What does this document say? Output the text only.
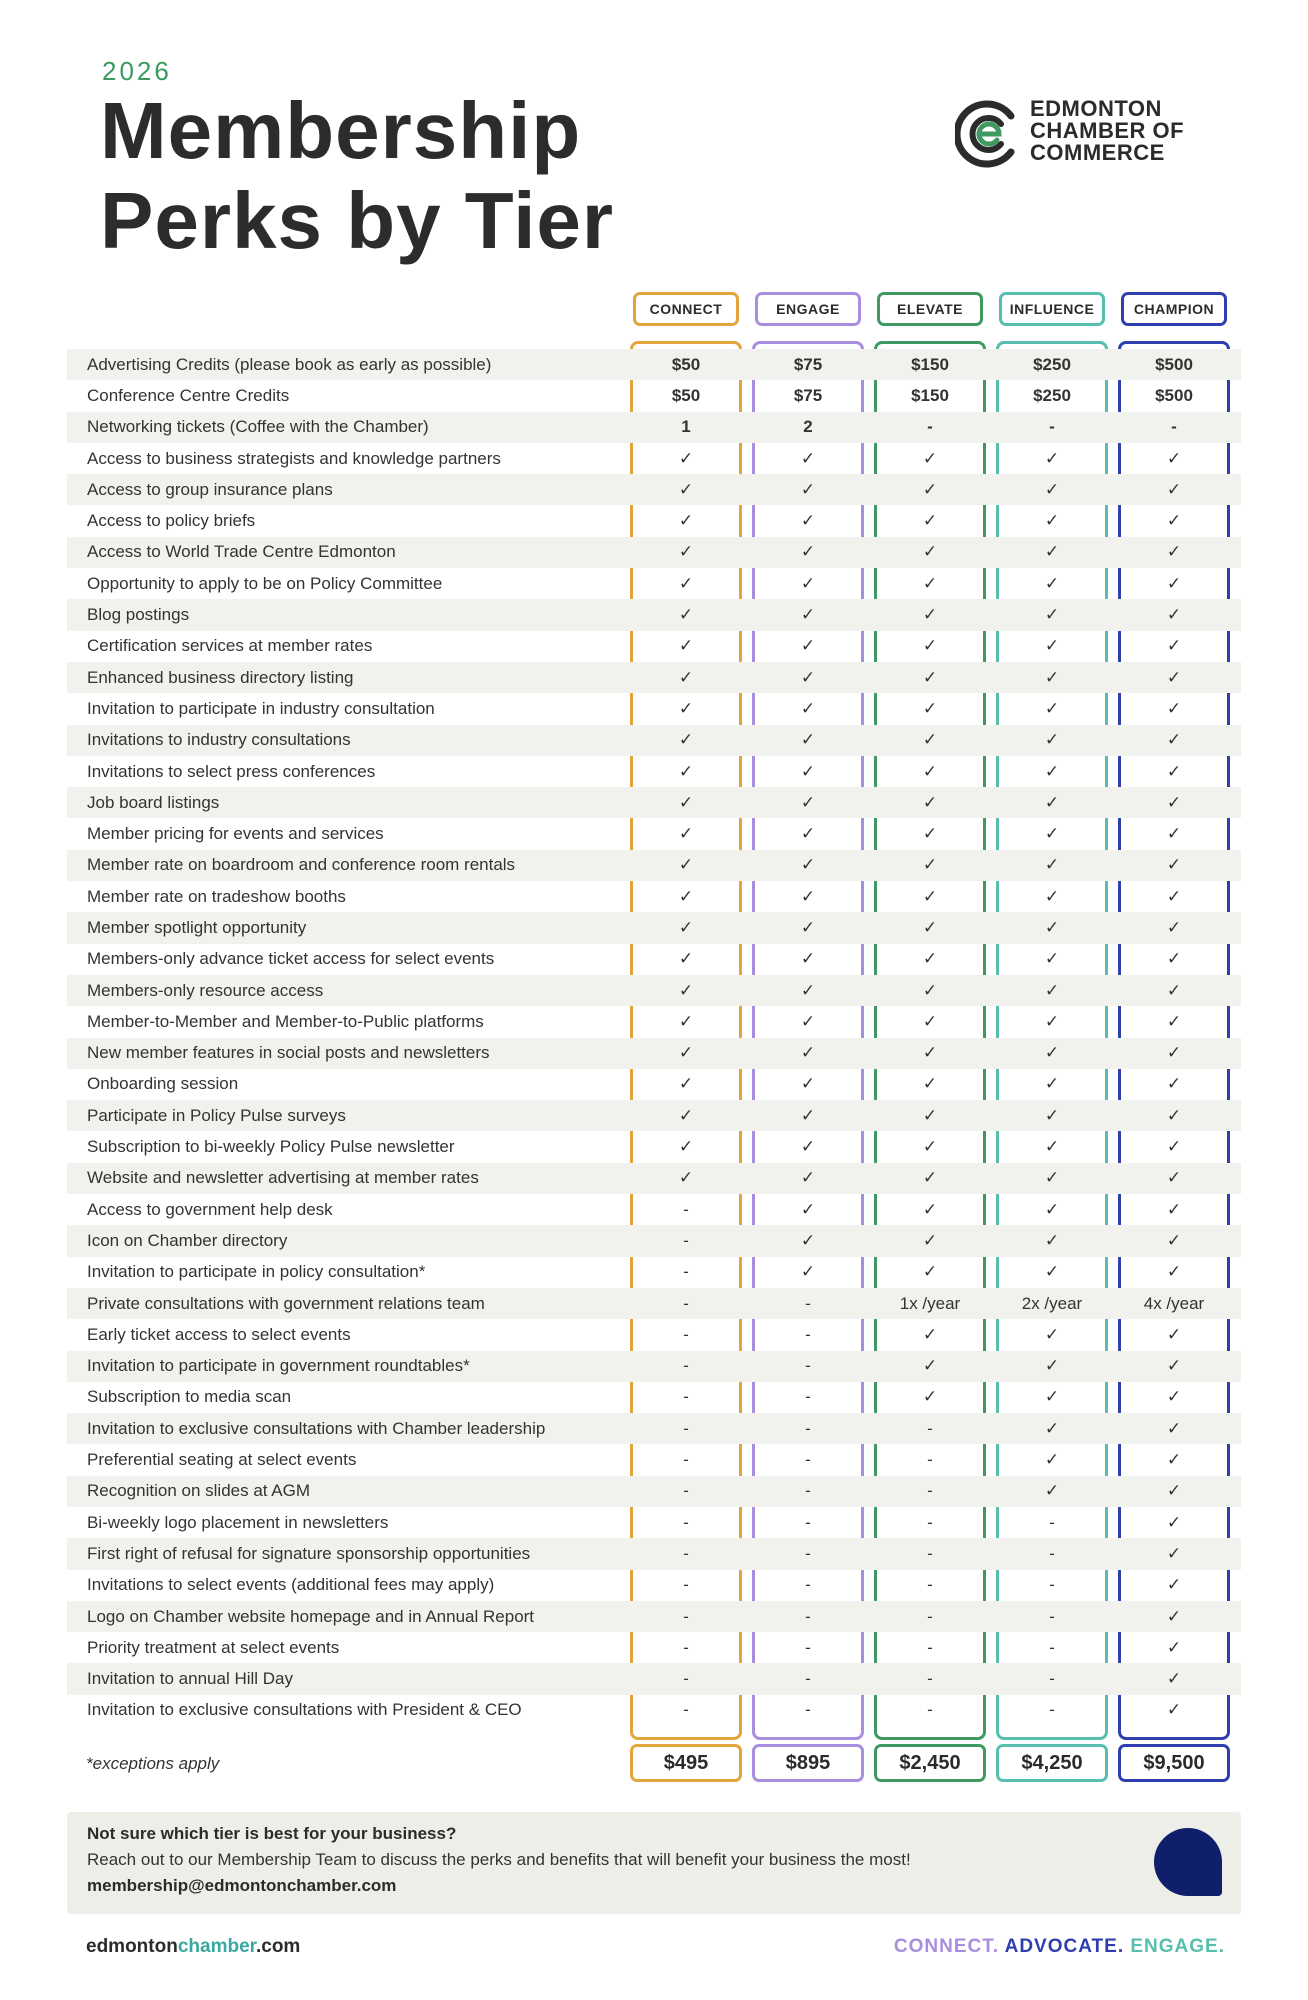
2026
Membership
Perks by Tier
EDMONTON
CHAMBER OF
COMMERCE
CONNECT	ENGAGE	ELEVATE	INFLUENCE	CHAMPION
Advertising Credits (please book as early as possible)	$50	$75	$150	$250	$500
Conference Centre Credits	$50	$75	$150	$250	$500
Networking tickets (Coffee with the Chamber)	1	2	-	-	-
Access to business strategists and knowledge partners	✓	✓	✓	✓	✓
Access to group insurance plans	✓	✓	✓	✓	✓
Access to policy briefs	✓	✓	✓	✓	✓
Access to World Trade Centre Edmonton	✓	✓	✓	✓	✓
Opportunity to apply to be on Policy Committee	✓	✓	✓	✓	✓
Blog postings	✓	✓	✓	✓	✓
Certification services at member rates	✓	✓	✓	✓	✓
Enhanced business directory listing	✓	✓	✓	✓	✓
Invitation to participate in industry consultation	✓	✓	✓	✓	✓
Invitations to industry consultations	✓	✓	✓	✓	✓
Invitations to select press conferences	✓	✓	✓	✓	✓
Job board listings	✓	✓	✓	✓	✓
Member pricing for events and services	✓	✓	✓	✓	✓
Member rate on boardroom and conference room rentals	✓	✓	✓	✓	✓
Member rate on tradeshow booths	✓	✓	✓	✓	✓
Member spotlight opportunity	✓	✓	✓	✓	✓
Members-only advance ticket access for select events	✓	✓	✓	✓	✓
Members-only resource access	✓	✓	✓	✓	✓
Member-to-Member and Member-to-Public platforms	✓	✓	✓	✓	✓
New member features in social posts and newsletters	✓	✓	✓	✓	✓
Onboarding session	✓	✓	✓	✓	✓
Participate in Policy Pulse surveys	✓	✓	✓	✓	✓
Subscription to bi-weekly Policy Pulse newsletter	✓	✓	✓	✓	✓
Website and newsletter advertising at member rates	✓	✓	✓	✓	✓
Access to government help desk	-	✓	✓	✓	✓
Icon on Chamber directory	-	✓	✓	✓	✓
Invitation to participate in policy consultation*	-	✓	✓	✓	✓
Private consultations with government relations team	-	-	1x /year	2x /year	4x /year
Early ticket access to select events	-	-	✓	✓	✓
Invitation to participate in government roundtables*	-	-	✓	✓	✓
Subscription to media scan	-	-	✓	✓	✓
Invitation to exclusive consultations with Chamber leadership	-	-	-	✓	✓
Preferential seating at select events	-	-	-	✓	✓
Recognition on slides at AGM	-	-	-	✓	✓
Bi-weekly logo placement in newsletters	-	-	-	-	✓
First right of refusal for signature sponsorship opportunities	-	-	-	-	✓
Invitations to select events (additional fees may apply)	-	-	-	-	✓
Logo on Chamber website homepage and in Annual Report	-	-	-	-	✓
Priority treatment at select events	-	-	-	-	✓
Invitation to annual Hill Day	-	-	-	-	✓
Invitation to exclusive consultations with President & CEO	-	-	-	-	✓
*exceptions apply	$495	$895	$2,450	$4,250	$9,500
Not sure which tier is best for your business?
Reach out to our Membership Team to discuss the perks and benefits that will benefit your business the most!
membership@edmontonchamber.com
edmontonchamber.com	CONNECT. ADVOCATE. ENGAGE.
